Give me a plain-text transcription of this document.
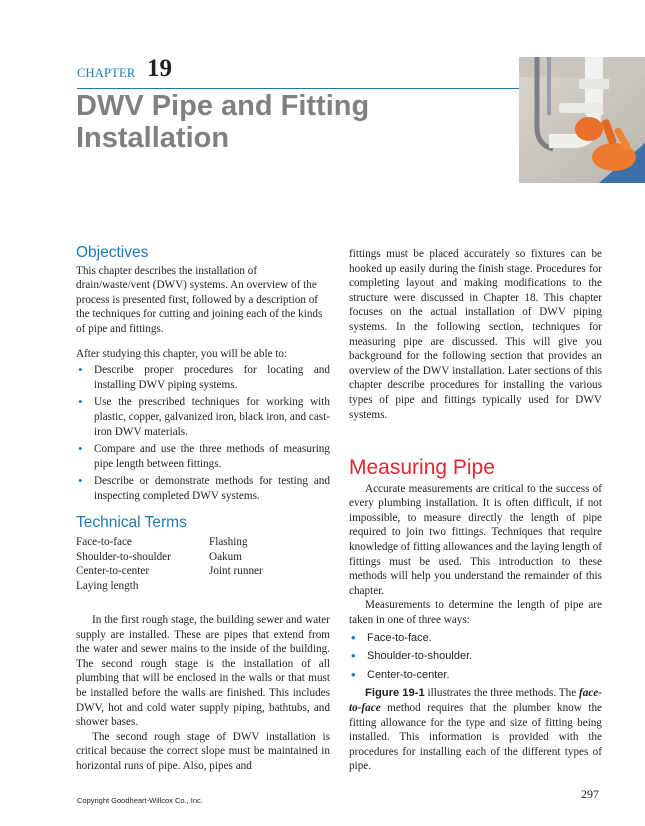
CHAPTER 19
DWV Pipe and Fitting
Installation
Objectives

This chapter describes the installation of drain/waste/vent (DWV) systems. An overview of the process is presented first, followed by a description of the techniques for cutting and joining each of the kinds of pipe and fittings.

After studying this chapter, you will be able to:

• Describe proper procedures for locating and installing DWV piping systems.
• Use the prescribed techniques for working with plastic, copper, galvanized iron, black iron, and cast-iron DWV materials.
• Compare and use the three methods of measuring pipe length between fittings.
• Describe or demonstrate methods for testing and inspecting completed DWV systems.
Technical Terms
Face-to-face	Flashing
Shoulder-to-shoulder	Oakum
Center-to-center	Joint runner
Laying length

In the first rough stage, the building sewer and water supply are installed. These are pipes that extend from the water and sewer mains to the inside of the building. The second rough stage is the installation of all plumbing that will be enclosed in the walls or that must be installed before the walls are finished. This includes DWV, hot and cold water supply piping, bathtubs, and shower bases.

The second rough stage of DWV installation is critical because the correct slope must be maintained in horizontal runs of pipe. Also, pipes and

fittings must be placed accurately so fixtures can be hooked up easily during the finish stage. Procedures for completing layout and making modifications to the structure were discussed in Chapter 18. This chapter focuses on the actual installation of DWV piping systems. In the following section, techniques for measuring pipe are discussed. This will give you background for the following section that provides an overview of the DWV installation. Later sections of this chapter describe procedures for installing the various types of pipe and fittings typically used for DWV systems.

Measuring Pipe

Accurate measurements are critical to the success of every plumbing installation. It is often difficult, if not impossible, to measure directly the length of pipe required to join two fittings. Techniques that require knowledge of fitting allowances and the laying length of fittings must be used. This introduction to these methods will help you understand the remainder of this chapter.

Measurements to determine the length of pipe are taken in one of three ways:

• Face-to-face.
• Shoulder-to-shoulder.
• Center-to-center.

Figure 19-1 illustrates the three methods. The face-to-face method requires that the plumber know the fitting allowance for the type and size of fitting being installed. This information is provided with the procedures for installing each of the different types of pipe.

Copyright Goodheart-Willcox Co., Inc.	297
